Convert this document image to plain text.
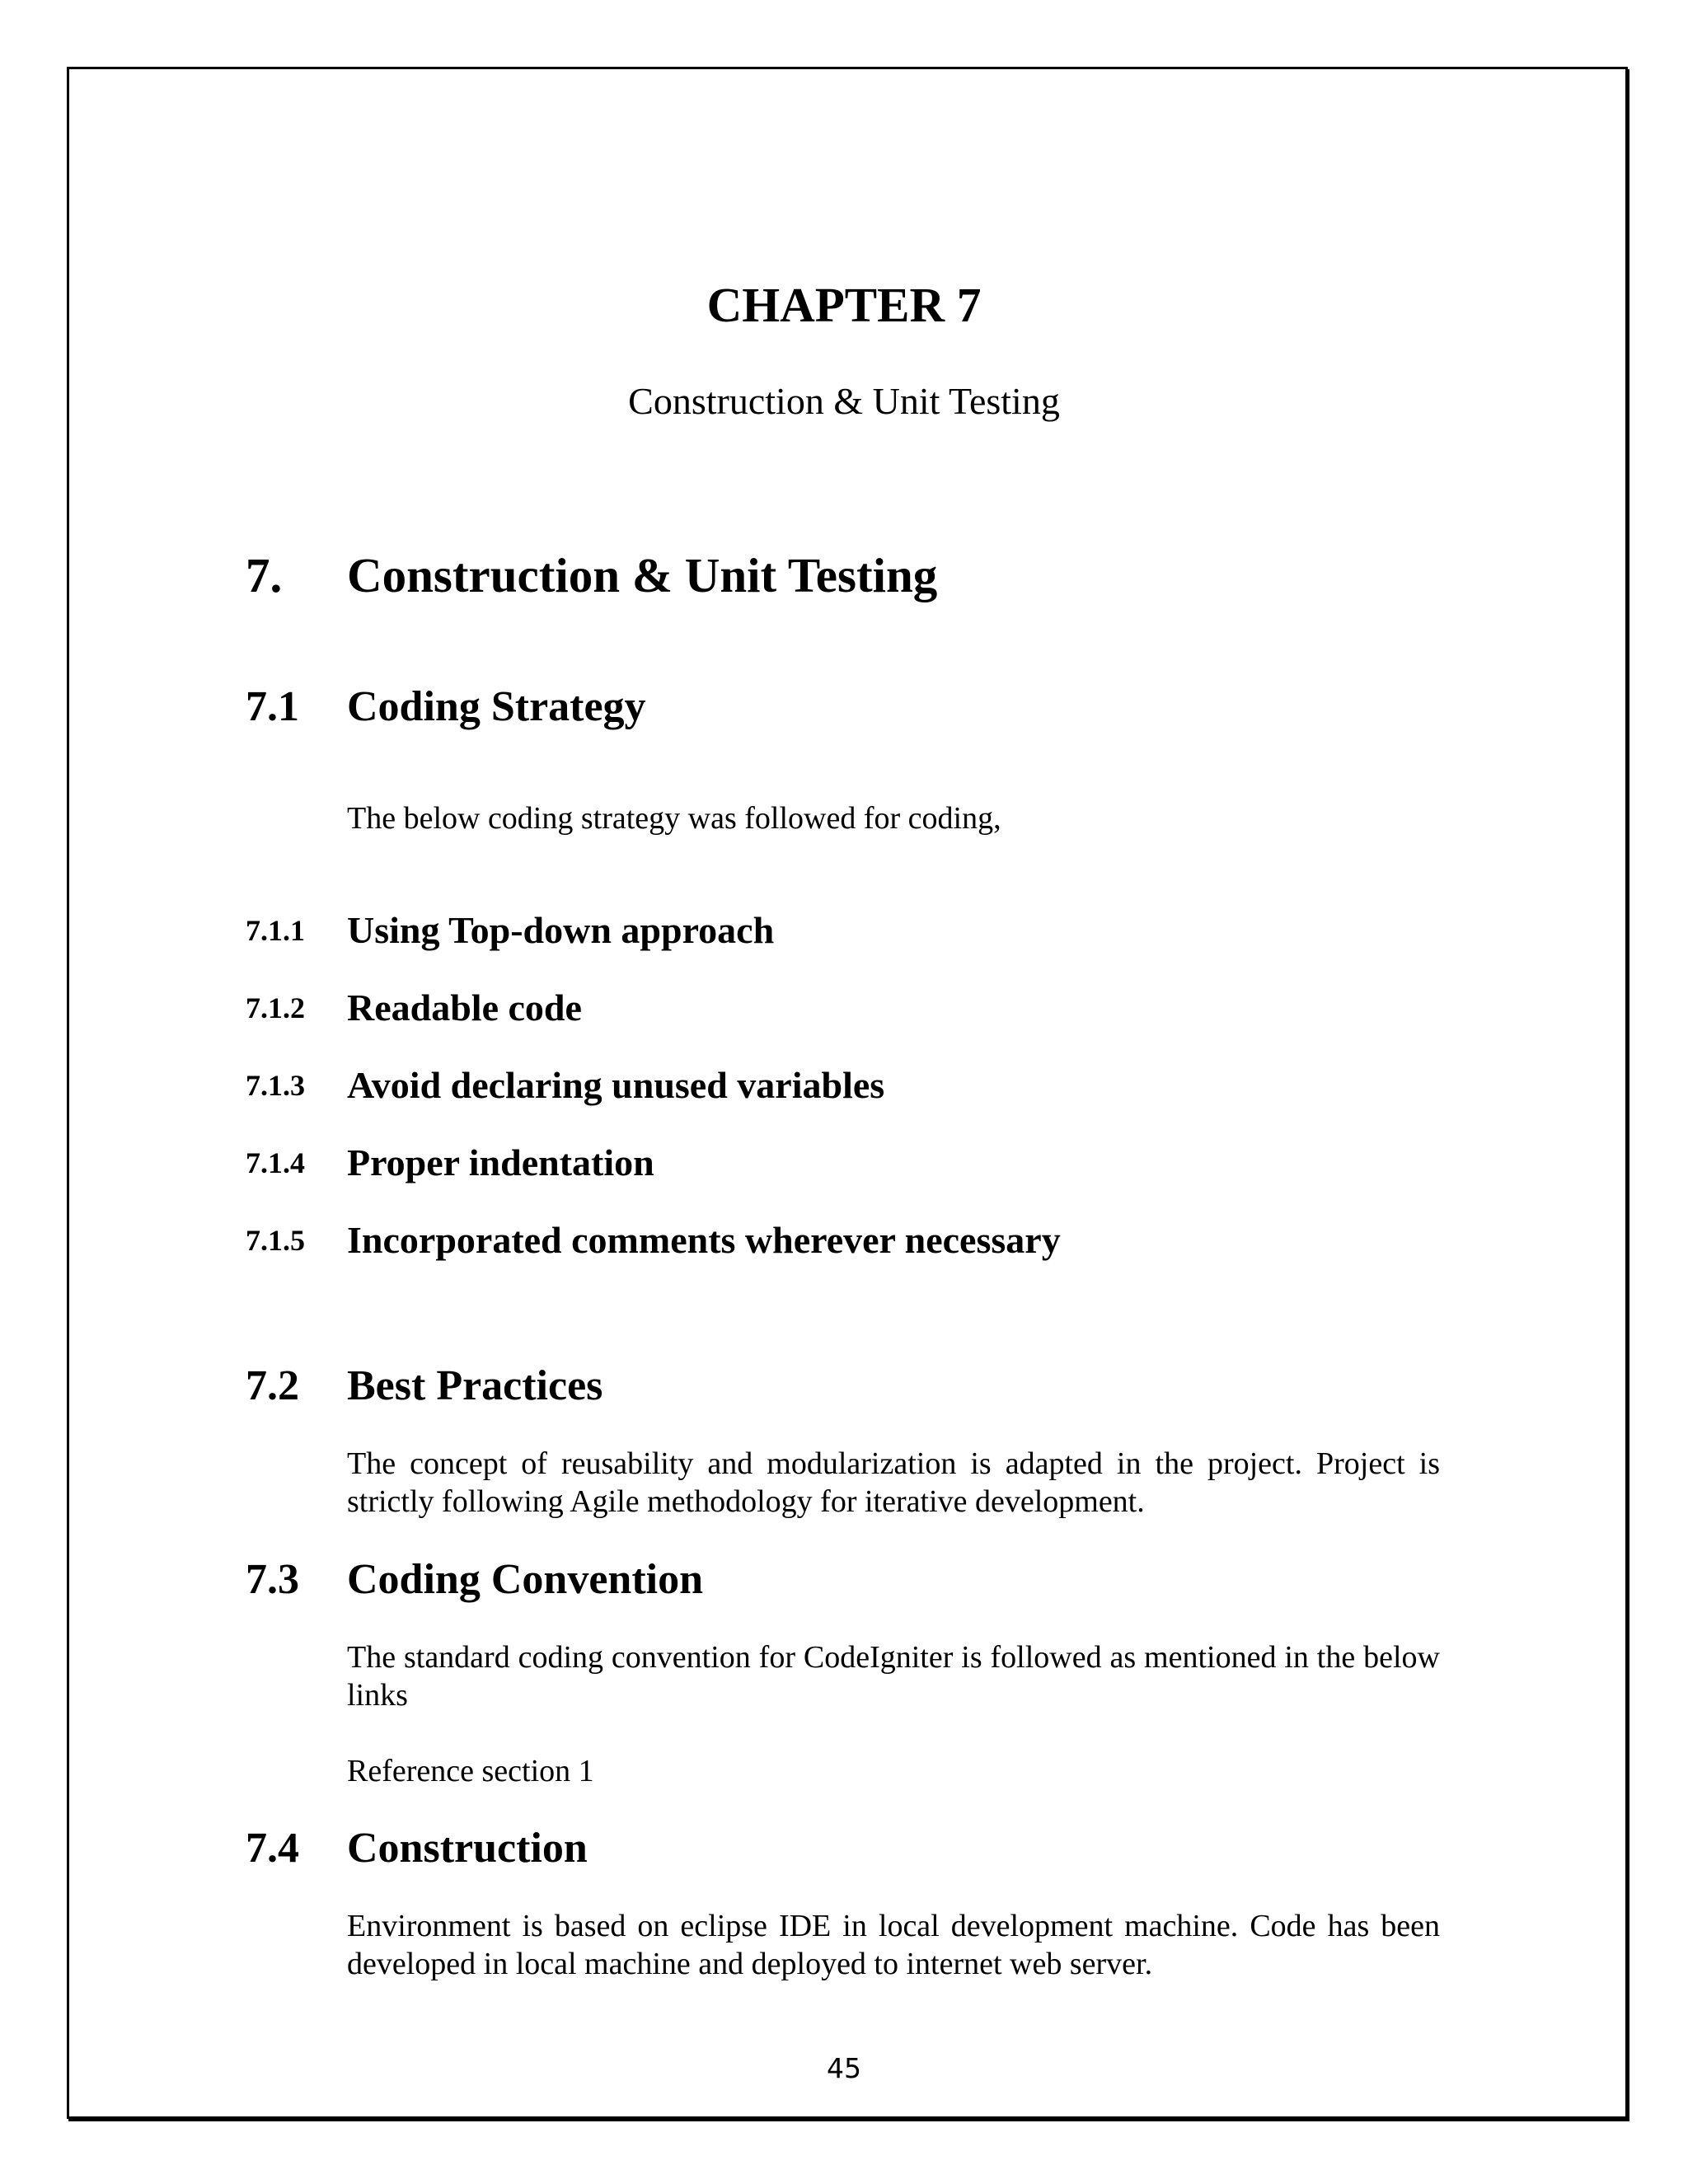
CHAPTER 7
Construction & Unit Testing
7. Construction & Unit Testing
7.1 Coding Strategy
The below coding strategy was followed for coding,
7.1.1 Using Top-down approach
7.1.2 Readable code
7.1.3 Avoid declaring unused variables
7.1.4 Proper indentation
7.1.5 Incorporated comments wherever necessary
7.2 Best Practices

The concept of reusability and modularization is adapted in the project. Project is strictly following Agile methodology for iterative development.

7.3 Coding Convention

The standard coding convention for CodeIgniter is followed as mentioned in the below links

Reference section 1
7.4 Construction

Environment is based on eclipse IDE in local development machine. Code has been developed in local machine and deployed to internet web server.

45
